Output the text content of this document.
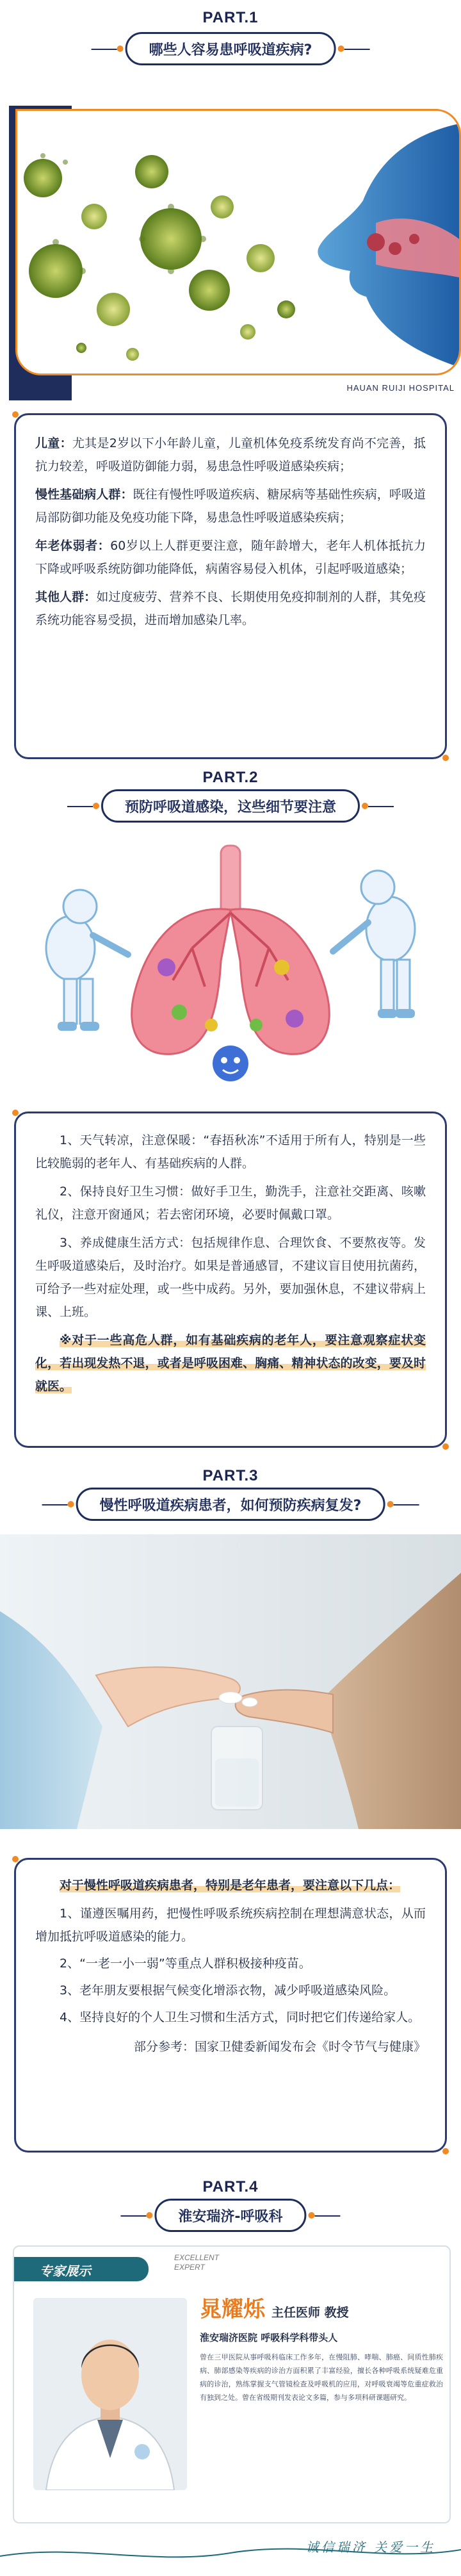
PART.1
哪些人容易患呼吸道疾病?
HAUAN RUIJI HOSPITAL

儿童：尤其是2岁以下小年龄儿童，儿童机体免疫系统发育尚不完善，抵抗力较差，呼吸道防御能力弱，易患急性呼吸道感染疾病；

慢性基础病人群：既往有慢性呼吸道疾病、糖尿病等基础性疾病，呼吸道局部防御功能及免疫功能下降，易患急性呼吸道感染疾病；

年老体弱者：60岁以上人群更要注意，随年龄增大，老年人机体抵抗力下降或呼吸系统防御功能降低，病菌容易侵入机体，引起呼吸道感染；

其他人群：如过度疲劳、营养不良、长期使用免疫抑制剂的人群，其免疫系统功能容易受损，进而增加感染几率。

PART.2
预防呼吸道感染，这些细节要注意

1、天气转凉，注意保暖：“春捂秋冻”不适用于所有人，特别是一些比较脆弱的老年人、有基础疾病的人群。

2、保持良好卫生习惯：做好手卫生，勤洗手，注意社交距离、咳嗽礼仪，注意开窗通风；若去密闭环境，必要时佩戴口罩。

3、养成健康生活方式：包括规律作息、合理饮食、不要熬夜等。发生呼吸道感染后，及时治疗。如果是普通感冒，不建议盲目使用抗菌药，可给予一些对症处理，或一些中成药。另外，要加强休息，不建议带病上课、上班。

※对于一些高危人群，如有基础疾病的老年人，要注意观察症状变化，若出现发热不退，或者是呼吸困难、胸痛、精神状态的改变，要及时就医。

PART.3
慢性呼吸道疾病患者，如何预防疾病复发?

对于慢性呼吸道疾病患者，特别是老年患者，要注意以下几点：

1、谨遵医嘱用药，把慢性呼吸系统疾病控制在理想满意状态，从而增加抵抗呼吸道感染的能力。

2、“一老一小一弱”等重点人群积极接种疫苗。

3、老年朋友要根据气候变化增添衣物，减少呼吸道感染风险。

4、坚持良好的个人卫生习惯和生活方式，同时把它们传递给家人。

部分参考：国家卫健委新闻发布会《时令节气与健康》

PART.4
淮安瑞济-呼吸科
专家展示
EXCELLENT
EXPERT
晁耀烁 主任医师 教授
淮安瑞济医院 呼吸科学科带头人
曾在三甲医院从事呼吸科临床工作多年，在慢阻肺、哮喘、肺癌、间质性肺疾病、肺部感染等疾病的诊治方面积累了丰富经验，擅长各种呼吸系统疑难危重病的诊治，熟练掌握支气管镜检查及呼吸机的应用，对呼吸衰竭等危重症救治有独到之处。曾在省级期刊发表论文多篇，参与多项科研课题研究。
诚信瑞济 关爱一生
